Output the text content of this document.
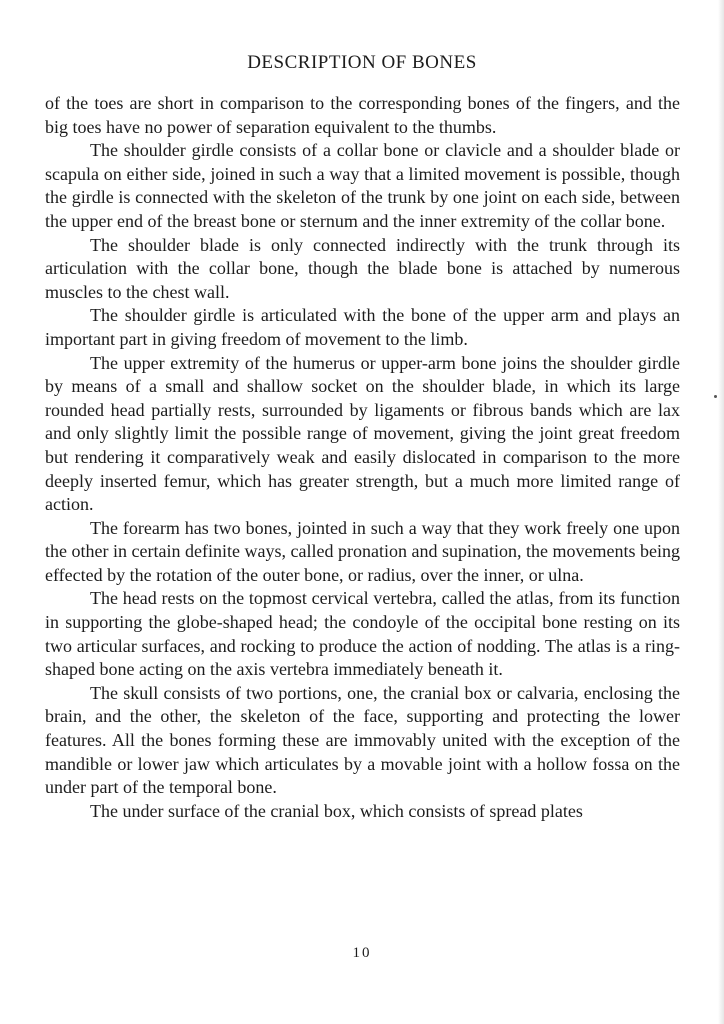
DESCRIPTION OF BONES

of the toes are short in comparison to the corresponding bones of the fingers, and the big toes have no power of separation equivalent to the thumbs.

The shoulder girdle consists of a collar bone or clavicle and a shoulder blade or scapula on either side, joined in such a way that a limited movement is possible, though the girdle is connected with the skeleton of the trunk by one joint on each side, between the upper end of the breast bone or sternum and the inner extremity of the collar bone.

The shoulder blade is only connected indirectly with the trunk through its articulation with the collar bone, though the blade bone is attached by numerous muscles to the chest wall.

The shoulder girdle is articulated with the bone of the upper arm and plays an important part in giving freedom of movement to the limb.

The upper extremity of the humerus or upper-arm bone joins the shoulder girdle by means of a small and shallow socket on the shoulder blade, in which its large rounded head partially rests, surrounded by ligaments or fibrous bands which are lax and only slightly limit the possible range of movement, giving the joint great freedom but rendering it comparatively weak and easily dislocated in comparison to the more deeply inserted femur, which has greater strength, but a much more limited range of action.

The forearm has two bones, jointed in such a way that they work freely one upon the other in certain definite ways, called pronation and supination, the movements being effected by the rotation of the outer bone, or radius, over the inner, or ulna.

The head rests on the topmost cervical vertebra, called the atlas, from its function in supporting the globe-shaped head; the condoyle of the occipital bone resting on its two articular surfaces, and rocking to produce the action of nodding. The atlas is a ring-shaped bone acting on the axis vertebra immediately beneath it.

The skull consists of two portions, one, the cranial box or calvaria, enclosing the brain, and the other, the skeleton of the face, supporting and protecting the lower features. All the bones forming these are immovably united with the exception of the mandible or lower jaw which articulates by a movable joint with a hollow fossa on the under part of the temporal bone.

The under surface of the cranial box, which consists of spread plates

10
